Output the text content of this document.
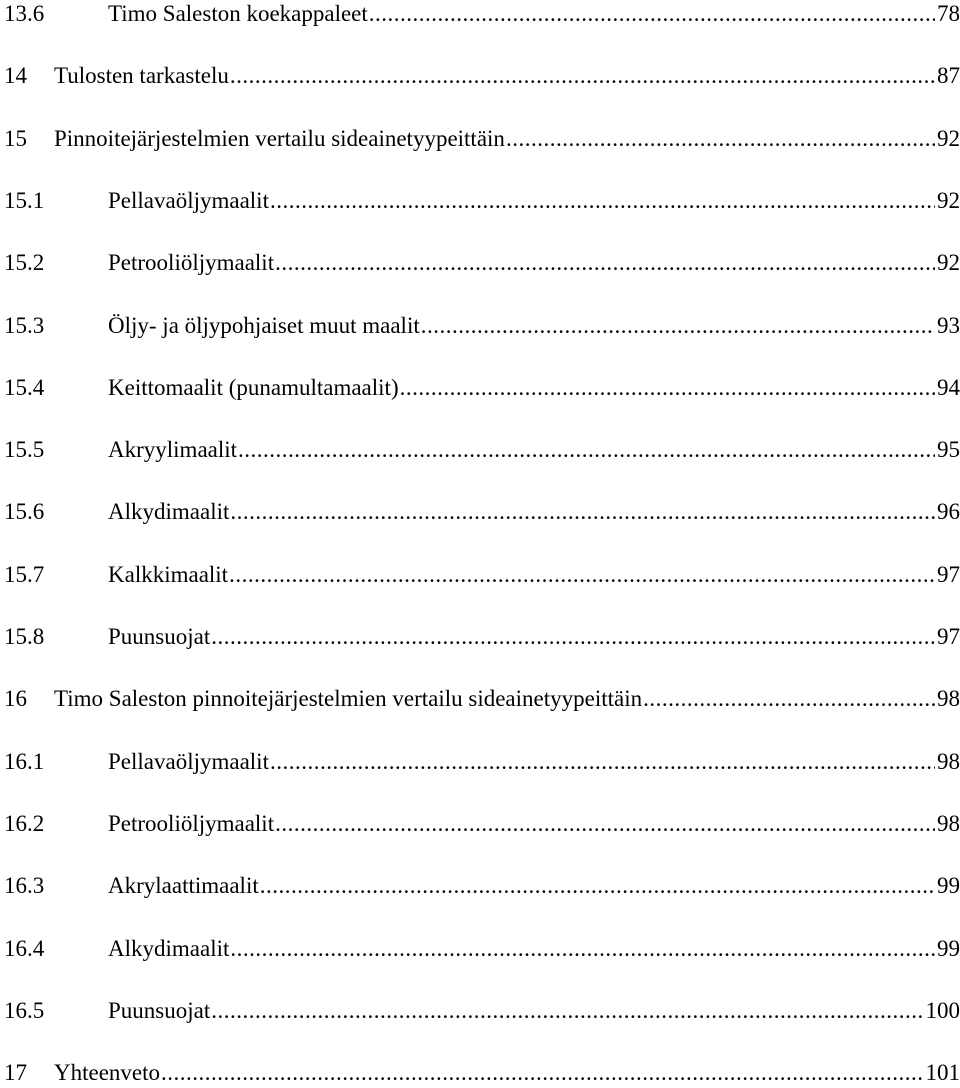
13.6	Timo Saleston koekappaleet .....	78
14 Tulosten tarkastelu .....	87
15 Pinnoitejärjestelmien vertailu sideainetyypeittäin .....	92
15.1	Pellavaöljymaalit .....	92
15.2	Petrooliöljymaalit .....	92
15.3	Öljy- ja öljypohjaiset muut maalit .....	93
15.4	Keittomaalit (punamultamaalit) .....	94
15.5	Akryylimaalit .....	95
15.6	Alkydimaalit .....	96
15.7	Kalkkimaalit .....	97
15.8	Puunsuojat .....	97
16 Timo Saleston pinnoitejärjestelmien vertailu sideainetyypeittäin .....	98
16.1	Pellavaöljymaalit .....	98
16.2	Petrooliöljymaalit .....	98
16.3	Akrylaattimaalit .....	99
16.4	Alkydimaalit .....	99
16.5	Puunsuojat .....	100
17 Yhteenveto .....	101
